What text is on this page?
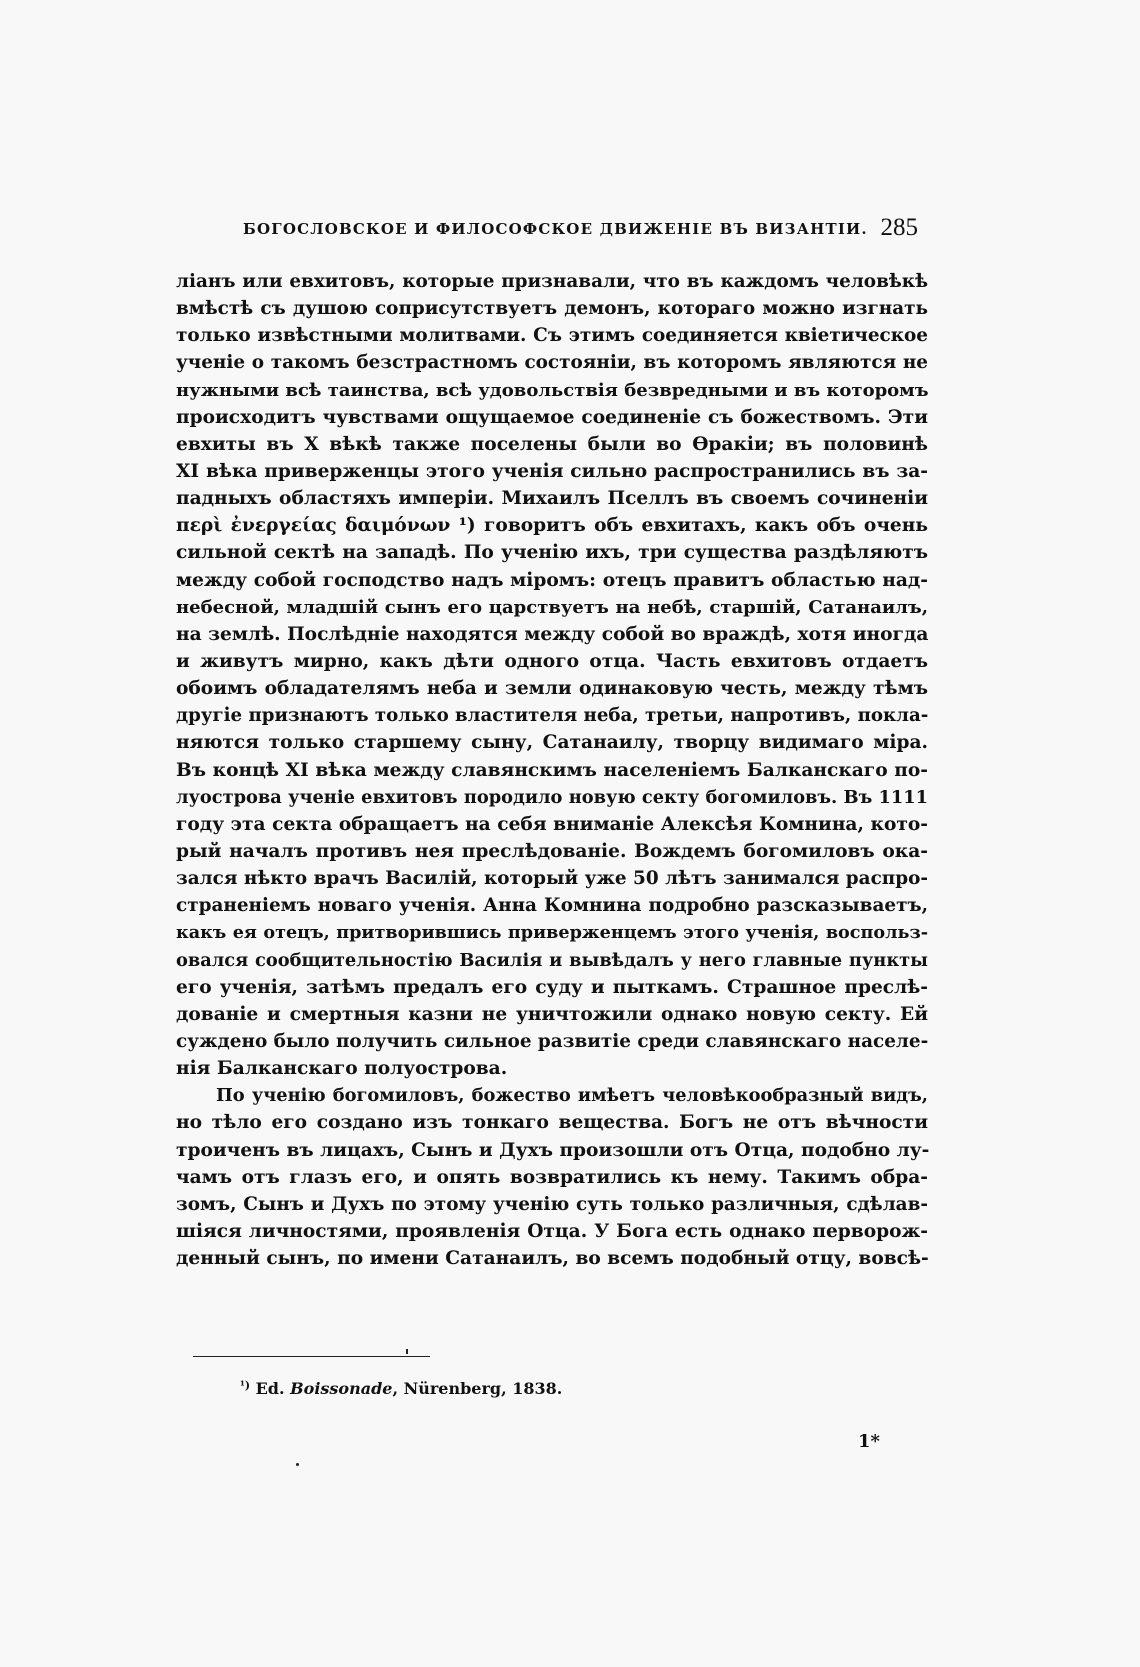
БОГОСЛОВСКОЕ И ФИЛОСОФСКОЕ ДВИЖЕНІЕ ВЪ ВИЗАНТІИ. 285
ліанъ или евхитовъ, которые признавали, что въ каждомъ человѣкѣ
вмѣстѣ съ душою соприсутствуетъ демонъ, котораго можно изгнать
только извѣстными молитвами. Съ этимъ соединяется квіетическое
ученіе о такомъ безстрастномъ состояніи, въ которомъ являются не
нужными всѣ таинства, всѣ удовольствія безвредными и въ которомъ
происходитъ чувствами ощущаемое соединеніе съ божествомъ. Эти
евхиты въ X вѣкѣ также поселены были во Ѳракіи; въ половинѣ
XI вѣка приверженцы этого ученія сильно распространились въ за-
падныхъ областяхъ имперіи. Михаилъ Пселлъ въ своемъ сочиненіи
περὶ ἐνεργείας δαιμόνων ¹) говоритъ объ евхитахъ, какъ объ очень
сильной сектѣ на западѣ. По ученію ихъ, три существа раздѣляютъ
между собой господство надъ міромъ: отецъ правитъ областью над-
небесной, младшій сынъ его царствуетъ на небѣ, старшій, Сатанаилъ,
на землѣ. Послѣдніе находятся между собой во враждѣ, хотя иногда
и живутъ мирно, какъ дѣти одного отца. Часть евхитовъ отдаетъ
обоимъ обладателямъ неба и земли одинаковую честь, между тѣмъ
другіе признаютъ только властителя неба, третьи, напротивъ, покла-
няются только старшему сыну, Сатанаилу, творцу видимаго міра.
Въ концѣ XI вѣка между славянскимъ населеніемъ Балканскаго по-
луострова ученіе евхитовъ породило новую секту богомиловъ. Въ 1111
году эта секта обращаетъ на себя вниманіе Алексѣя Комнина, кото-
рый началъ противъ нея преслѣдованіе. Вождемъ богомиловъ ока-
зался нѣкто врачъ Василій, который уже 50 лѣтъ занимался распро-
страненіемъ новаго ученія. Анна Комнина подробно разсказываетъ,
какъ ея отецъ, притворившись приверженцемъ этого ученія, воспольз-
овался сообщительностію Василія и вывѣдалъ у него главные пункты
его ученія, затѣмъ предалъ его суду и пыткамъ. Страшное преслѣ-
дованіе и смертныя казни не уничтожили однако новую секту. Ей
суждено было получить сильное развитіе среди славянскаго населе-
нія Балканскаго полуострова.
По ученію богомиловъ, божество имѣетъ человѣкообразный видъ,
но тѣло его создано изъ тонкаго вещества. Богъ не отъ вѣчности
троиченъ въ лицахъ, Сынъ и Духъ произошли отъ Отца, подобно лу-
чамъ отъ глазъ его, и опять возвратились къ нему. Такимъ обра-
зомъ, Сынъ и Духъ по этому ученію суть только различныя, сдѣлав-
шіяся личностями, проявленія Отца. У Бога есть однако перворож-
денный сынъ, по имени Сатанаилъ, во всемъ подобный отцу, вовсѣ-
$^{^1)}$ Ed. Boissonade, Nürenberg, 1838.
1*
